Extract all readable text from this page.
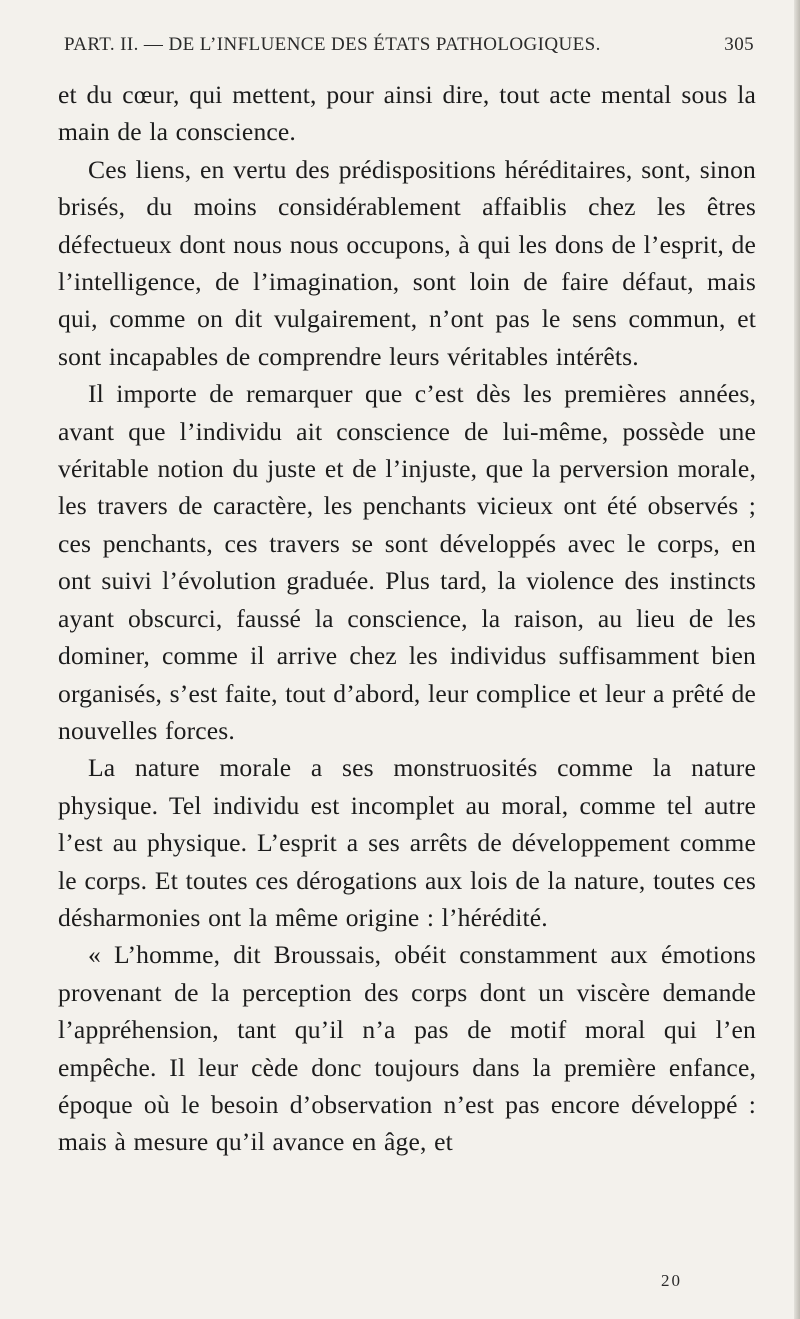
PART. II. — DE L’INFLUENCE DES ÉTATS PATHOLOGIQUES.	305

et du cœur, qui mettent, pour ainsi dire, tout acte mental sous la main de la conscience.

Ces liens, en vertu des prédispositions héréditaires, sont, sinon brisés, du moins considérablement affaiblis chez les êtres défectueux dont nous nous occupons, à qui les dons de l’esprit, de l’intelligence, de l’imagination, sont loin de faire défaut, mais qui, comme on dit vulgairement, n’ont pas le sens commun, et sont incapables de comprendre leurs véritables intérêts.

Il importe de remarquer que c’est dès les premières années, avant que l’individu ait conscience de lui-même, possède une véritable notion du juste et de l’injuste, que la perversion morale, les travers de caractère, les penchants vicieux ont été observés ; ces penchants, ces travers se sont développés avec le corps, en ont suivi l’évolution graduée. Plus tard, la violence des instincts ayant obscurci, faussé la conscience, la raison, au lieu de les dominer, comme il arrive chez les individus suffisamment bien organisés, s’est faite, tout d’abord, leur complice et leur a prêté de nouvelles forces.

La nature morale a ses monstruosités comme la nature physique. Tel individu est incomplet au moral, comme tel autre l’est au physique. L’esprit a ses arrêts de développement comme le corps. Et toutes ces dérogations aux lois de la nature, toutes ces désharmonies ont la même origine : l’hérédité.

« L’homme, dit Broussais, obéit constamment aux émotions provenant de la perception des corps dont un viscère demande l’appréhension, tant qu’il n’a pas de motif moral qui l’en empêche. Il leur cède donc toujours dans la première enfance, époque où le besoin d’observation n’est pas encore développé : mais à mesure qu’il avance en âge, et

20
